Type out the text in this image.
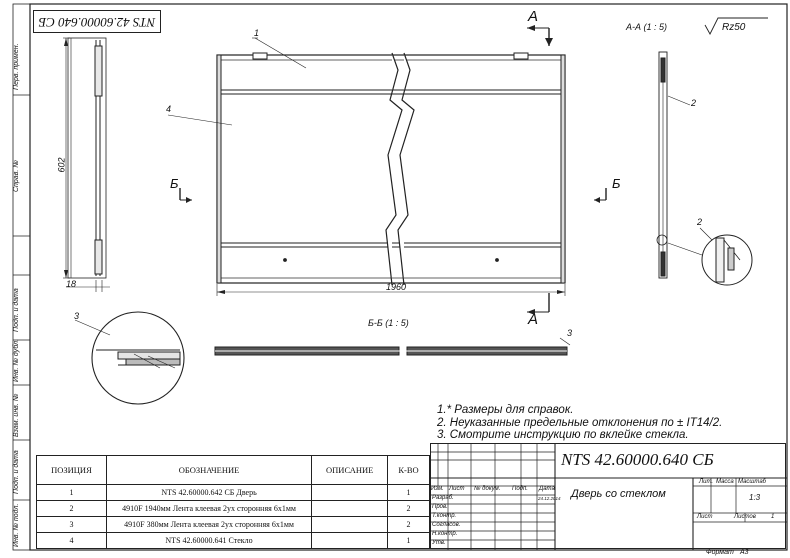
Перв. примен.
Справ. №
Подп. и дата
Инв. № дубл.
Взам. инв. №
Подп. и дата
Инв. № подл.
NTS 42.60000.640 СБ	А-А (1 : 5)
Б-Б (1 : 5)
Rz50
А
А
Б	Б
1960
602
18
1
4
2
2
3
3
1.* Размеры для справок.
2. Неуказанные предельные отклонения по ± IT14/2.
3. Смотрите инструкцию по вклейке стекла.
ПОЗИЦИЯ	ОБОЗНАЧЕНИЕ	ОПИСАНИЕ	К-ВО
1	NTS 42.60000.642 СБ Дверь		1
2	4910F 1940мм Лента клеевая 2ух сторонняя 6х1мм		2
3	4910F 380мм Лента клеевая 2ух сторонняя 6х1мм		2
4	NTS 42.60000.641 Стекло		1
NTS 42.60000.640 СБ
Дверь со стеклом
Изм. Лист № докум. Подп. Дата
Разраб.	24.12.2014
Пров.
Т.контр.
Согласов.
Н.контр.
Утв.
Лит. Масса Масштаб
1:3
Лист	Листов	1
Формат А3
